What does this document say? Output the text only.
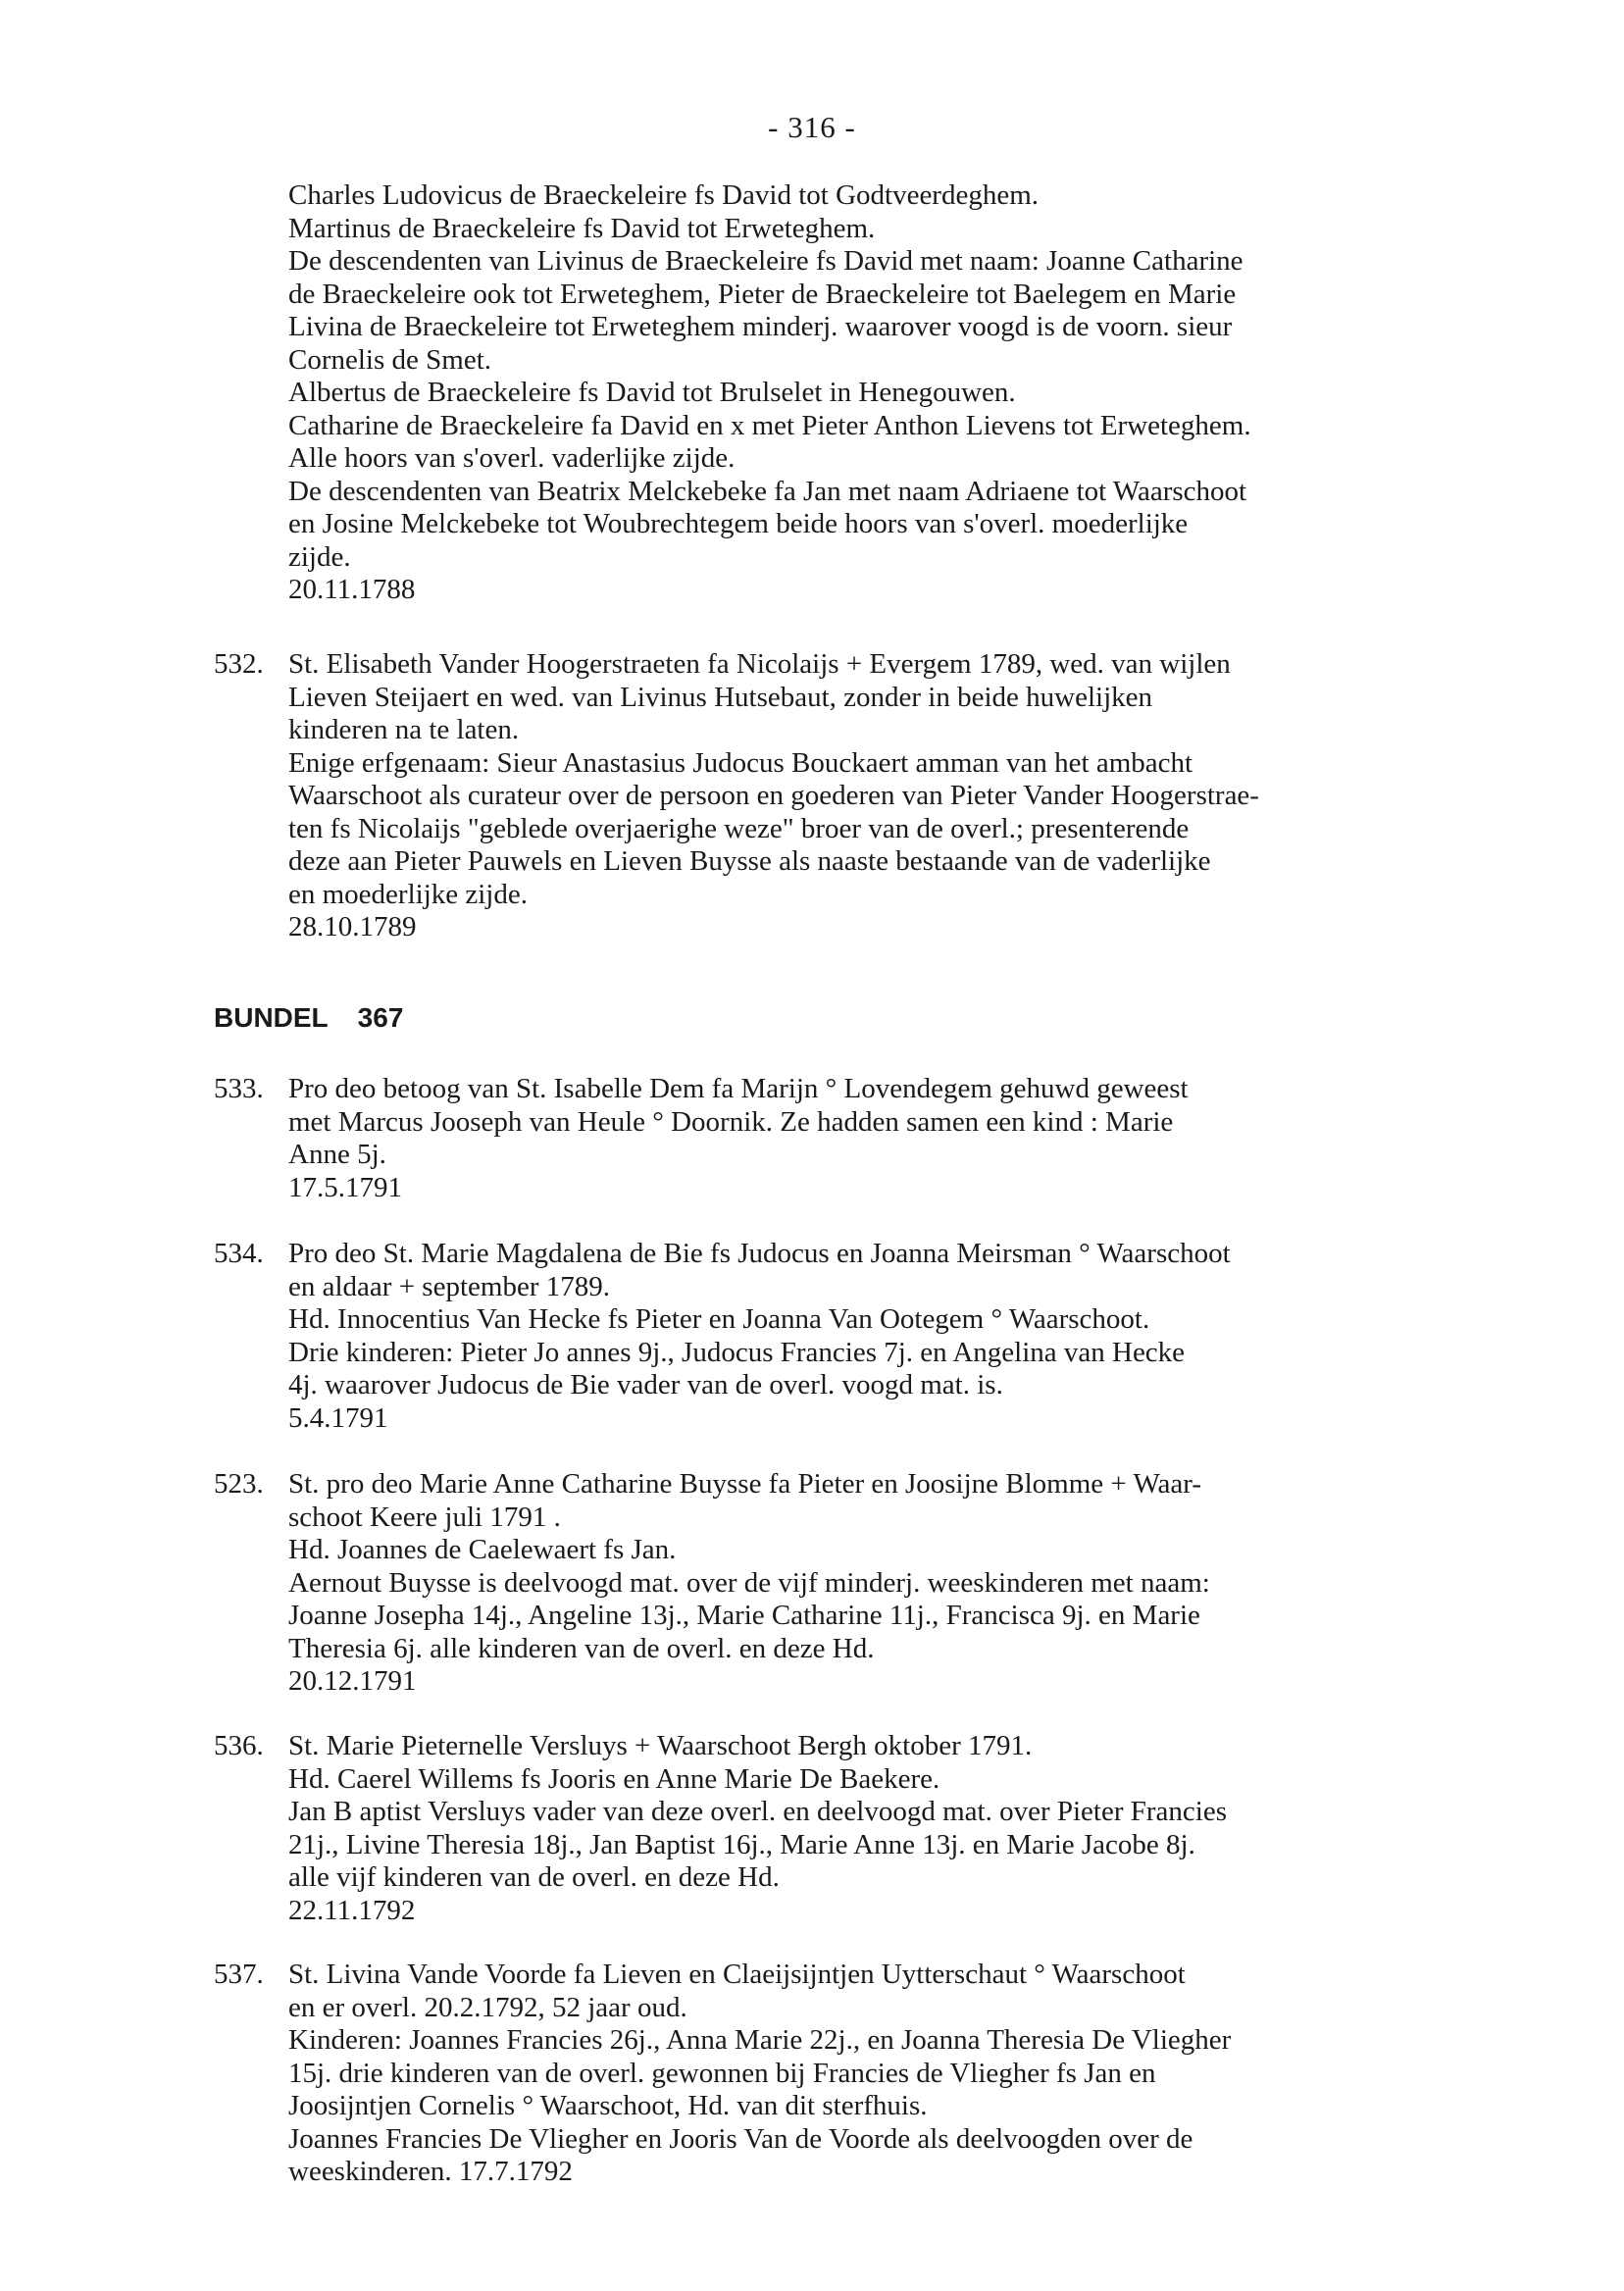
- 316 -
Charles Ludovicus de Braeckeleire fs David tot Godtveerdeghem.
Martinus de Braeckeleire fs David tot Erweteghem.
De descendenten van Livinus de Braeckeleire fs David met naam: Joanne Catharine
de Braeckeleire ook tot Erweteghem, Pieter de Braeckeleire tot Baelegem en Marie
Livina de Braeckeleire tot Erweteghem minderj. waarover voogd is de voorn. sieur
Cornelis de Smet.
Albertus de Braeckeleire fs David tot Brulselet in Henegouwen.
Catharine de Braeckeleire fa David en x met Pieter Anthon Lievens tot Erweteghem.
Alle hoors van s'overl. vaderlijke zijde.
De descendenten van Beatrix Melckebeke fa Jan met naam Adriaene tot Waarschoot
en Josine Melckebeke tot Woubrechtegem beide hoors van s'overl. moederlijke
zijde.
20.11.1788
532. St. Elisabeth Vander Hoogerstraeten fa Nicolaijs + Evergem 1789, wed. van wijlen
Lieven Steijaert en wed. van Livinus Hutsebaut, zonder in beide huwelijken
kinderen na te laten.
Enige erfgenaam: Sieur Anastasius Judocus Bouckaert amman van het ambacht
Waarschoot als curateur over de persoon en goederen van Pieter Vander Hoogerstrae-
ten fs Nicolaijs "geblede overjaerighe weze" broer van de overl.; presenterende
deze aan Pieter Pauwels en Lieven Buysse als naaste bestaande van de vaderlijke
en moederlijke zijde.
28.10.1789
BUNDEL 367
533. Pro deo betoog van St. Isabelle Dem fa Marijn ° Lovendegem gehuwd geweest
met Marcus Jooseph van Heule ° Doornik. Ze hadden samen een kind : Marie
Anne 5j.
17.5.1791
534. Pro deo St. Marie Magdalena de Bie fs Judocus en Joanna Meirsman ° Waarschoot
en aldaar + september 1789.
Hd. Innocentius Van Hecke fs Pieter en Joanna Van Ootegem ° Waarschoot.
Drie kinderen: Pieter Jo annes 9j., Judocus Francies 7j. en Angelina van Hecke
4j. waarover Judocus de Bie vader van de overl. voogd mat. is.
5.4.1791
523. St. pro deo Marie Anne Catharine Buysse fa Pieter en Joosijne Blomme + Waar-
schoot Keere juli 1791 .
Hd. Joannes de Caelewaert fs Jan.
Aernout Buysse is deelvoogd mat. over de vijf minderj. weeskinderen met naam:
Joanne Josepha 14j., Angeline 13j., Marie Catharine 11j., Francisca 9j. en Marie
Theresia 6j. alle kinderen van de overl. en deze Hd.
20.12.1791
536. St. Marie Pieternelle Versluys + Waarschoot Bergh oktober 1791.
Hd. Caerel Willems fs Jooris en Anne Marie De Baekere.
Jan B aptist Versluys vader van deze overl. en deelvoogd mat. over Pieter Francies
21j., Livine Theresia 18j., Jan Baptist 16j., Marie Anne 13j. en Marie Jacobe 8j.
alle vijf kinderen van de overl. en deze Hd.
22.11.1792
537. St. Livina Vande Voorde fa Lieven en Claeijsijntjen Uytterschaut ° Waarschoot
en er overl. 20.2.1792, 52 jaar oud.
Kinderen: Joannes Francies 26j., Anna Marie 22j., en Joanna Theresia De Vliegher
15j. drie kinderen van de overl. gewonnen bij Francies de Vliegher fs Jan en
Joosijntjen Cornelis ° Waarschoot, Hd. van dit sterfhuis.
Joannes Francies De Vliegher en Jooris Van de Voorde als deelvoogden over de
weeskinderen. 17.7.1792
